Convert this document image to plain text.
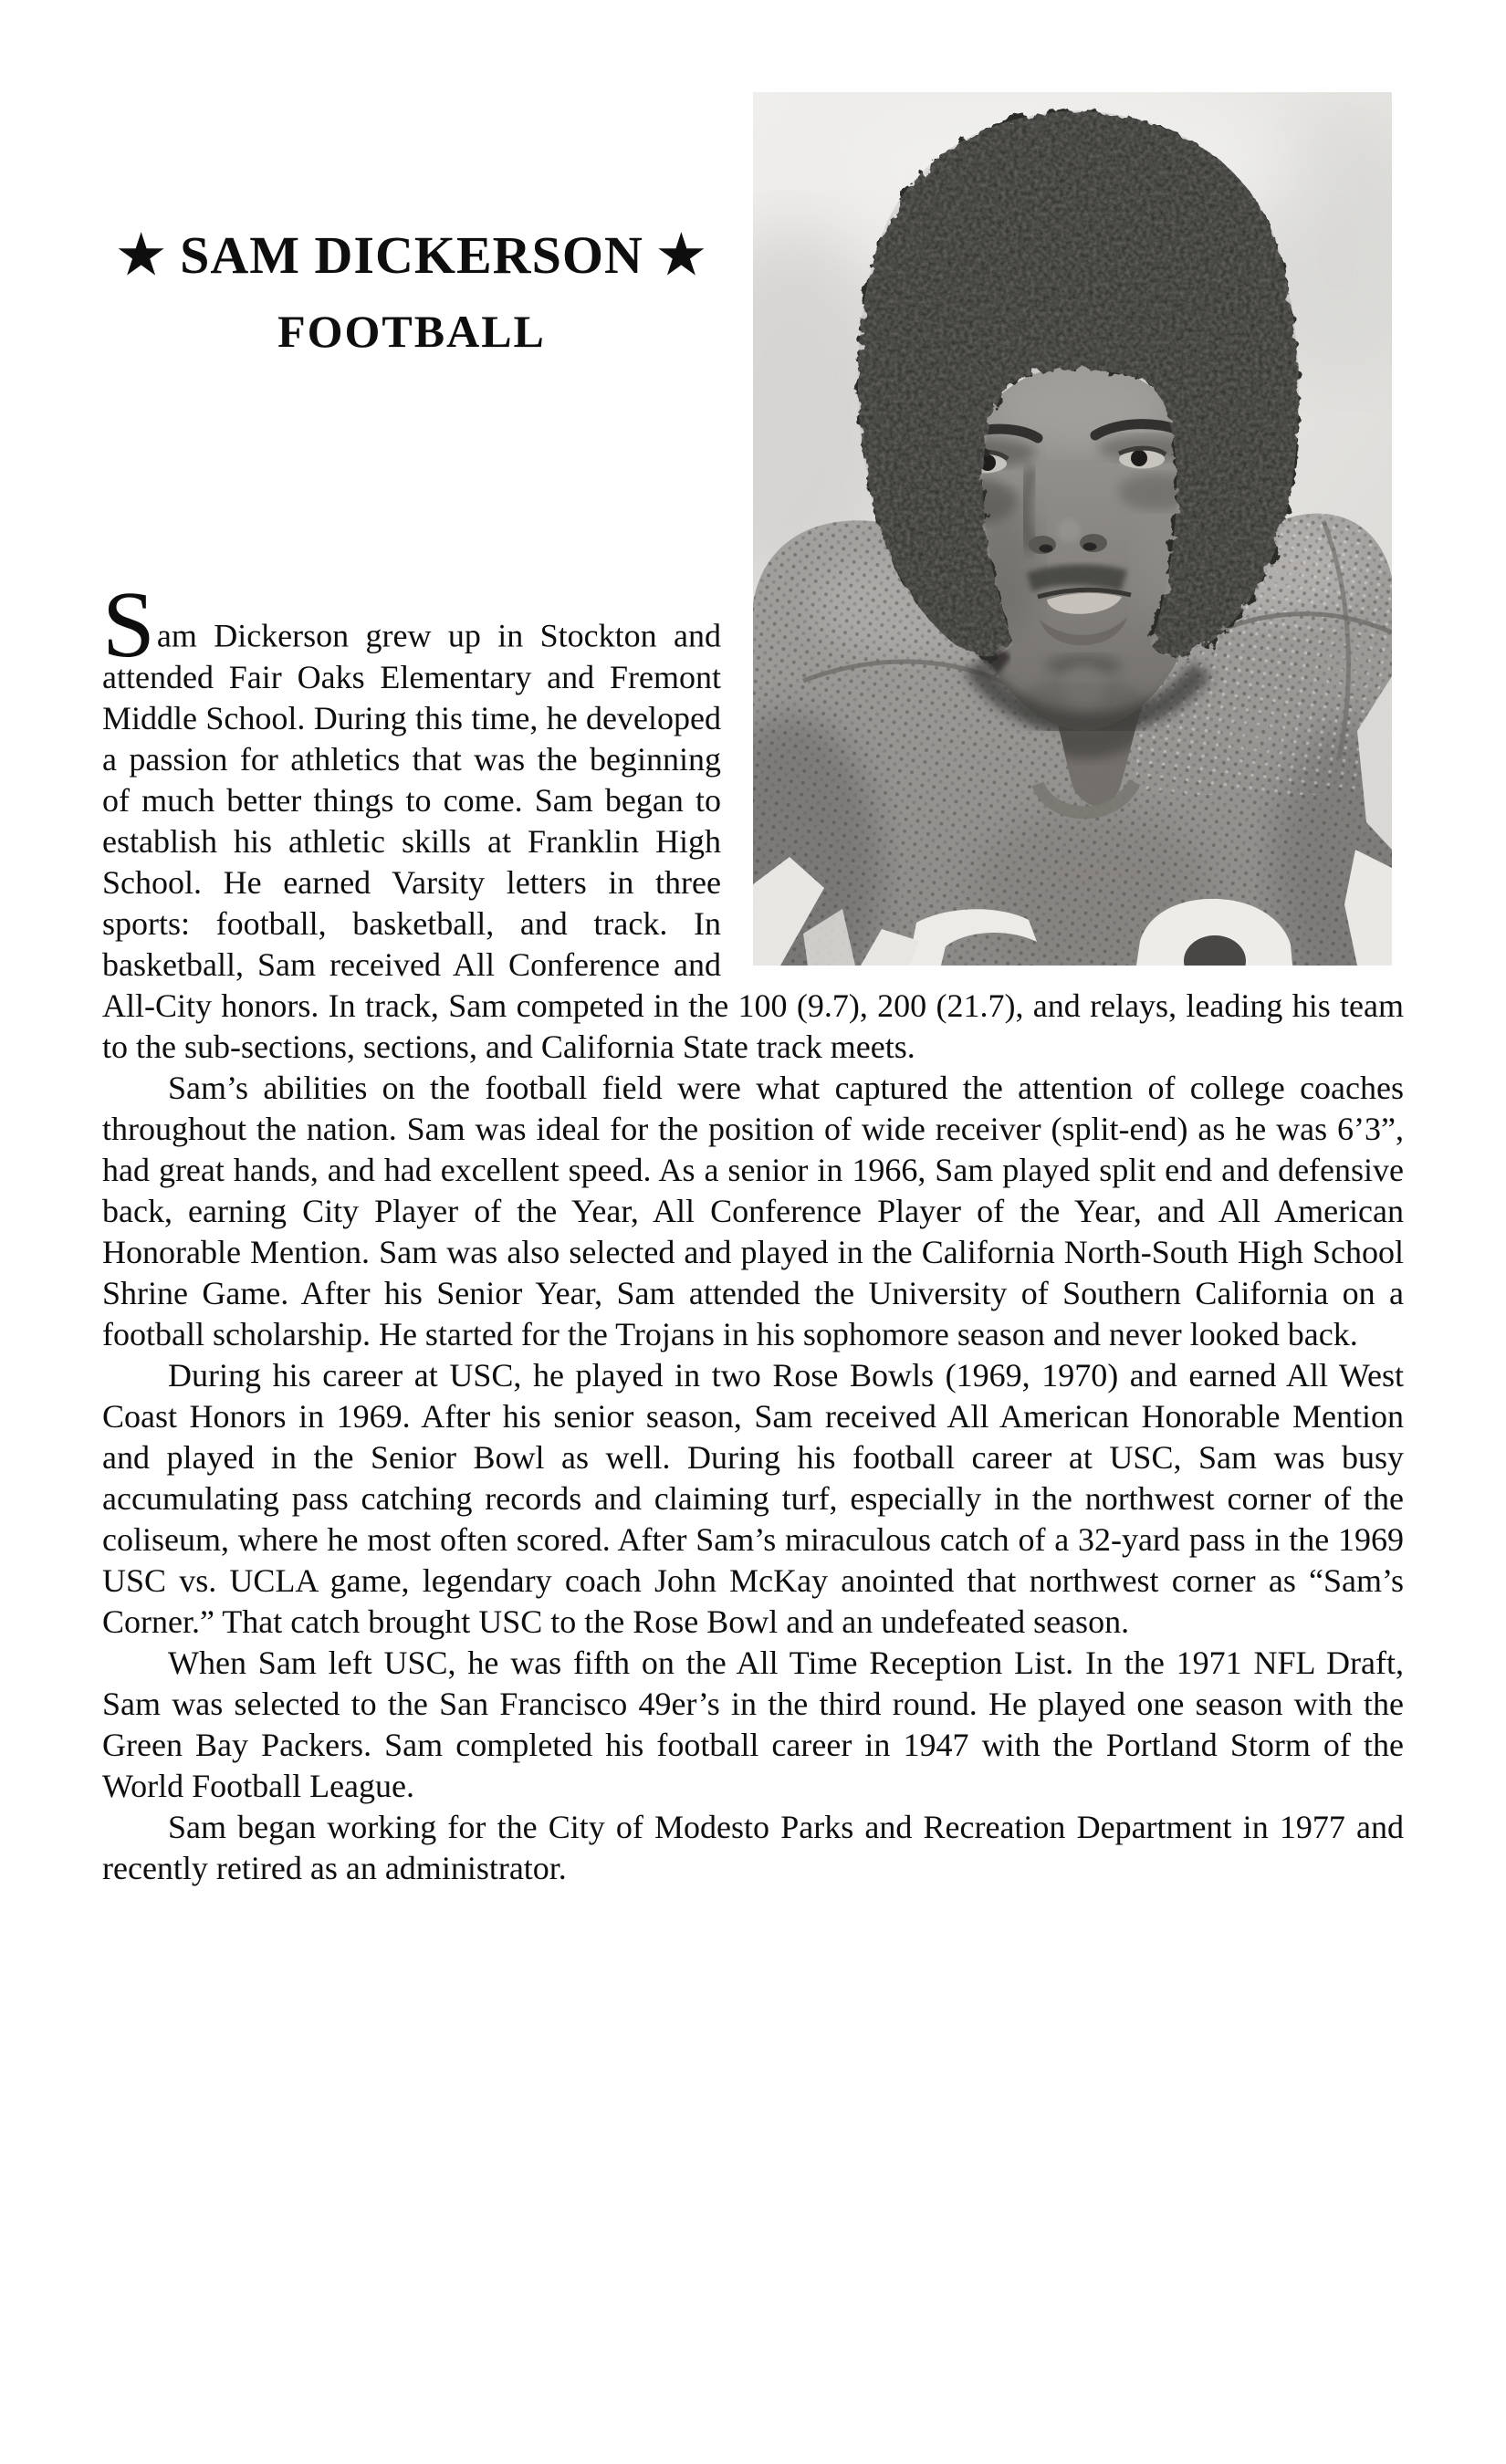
★ SAM DICKERSON ★
FOOTBALL

Sam Dickerson grew up in Stockton and attended Fair Oaks Elementary and Fremont Middle School. During this time, he developed a passion for athletics that was the beginning of much better things to come. Sam began to establish his athletic skills at Franklin High School. He earned Varsity letters in three sports: football, basketball, and track. In basketball, Sam received All Conference and All-City honors. In track, Sam competed in the 100 (9.7), 200 (21.7), and relays, leading his team to the sub-sections, sections, and California State track meets.

Sam’s abilities on the football field were what captured the attention of college coaches throughout the nation. Sam was ideal for the position of wide receiver (split-end) as he was 6’3”, had great hands, and had excellent speed. As a senior in 1966, Sam played split end and defensive back, earning City Player of the Year, All Conference Player of the Year, and All American Honorable Mention. Sam was also selected and played in the California North-South High School Shrine Game. After his Senior Year, Sam attended the University of Southern California on a football scholarship. He started for the Trojans in his sophomore season and never looked back.

During his career at USC, he played in two Rose Bowls (1969, 1970) and earned All West Coast Honors in 1969. After his senior season, Sam received All American Honorable Mention and played in the Senior Bowl as well. During his football career at USC, Sam was busy accumulating pass catching records and claiming turf, especially in the northwest corner of the coliseum, where he most often scored. After Sam’s miraculous catch of a 32-yard pass in the 1969 USC vs. UCLA game, legendary coach John McKay anointed that northwest corner as “Sam’s Corner.” That catch brought USC to the Rose Bowl and an undefeated season.

When Sam left USC, he was fifth on the All Time Reception List. In the 1971 NFL Draft, Sam was selected to the San Francisco 49er’s in the third round. He played one season with the Green Bay Packers. Sam completed his football career in 1947 with the Portland Storm of the World Football League.

Sam began working for the City of Modesto Parks and Recreation Department in 1977 and recently retired as an administrator.
